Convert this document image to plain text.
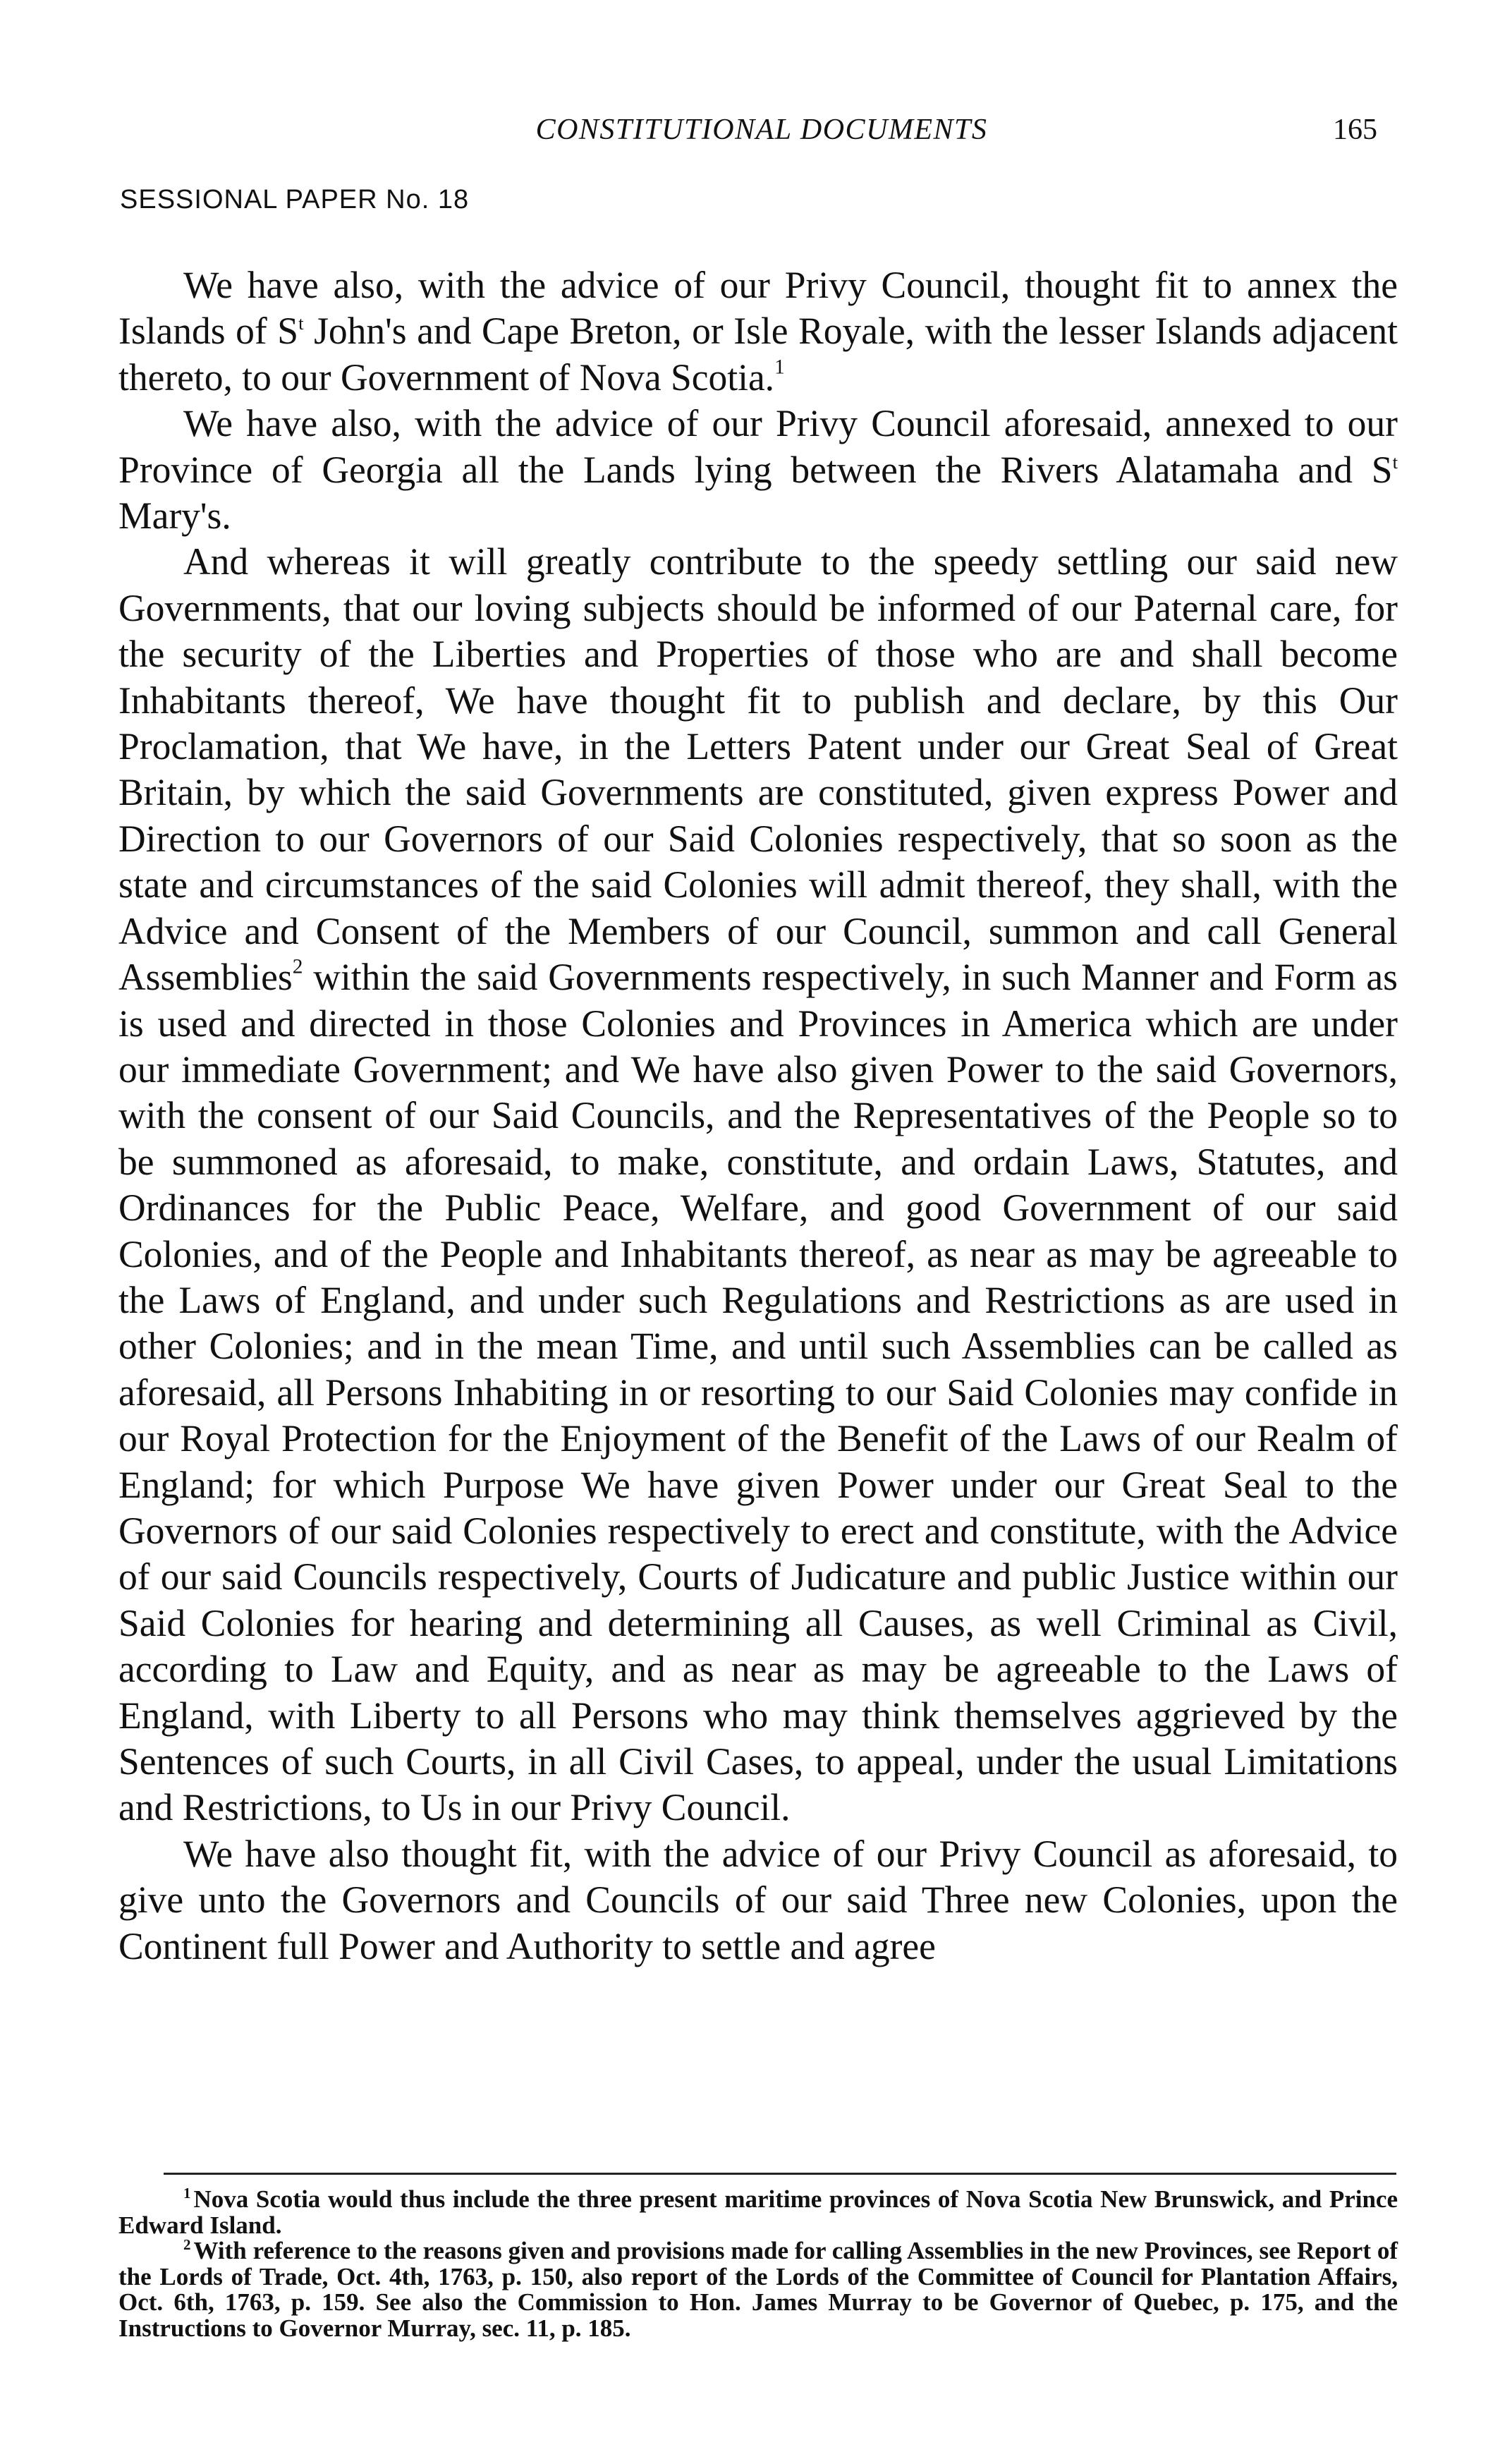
CONSTITUTIONAL DOCUMENTS	165
SESSIONAL PAPER No. 18

We have also, with the advice of our Privy Council, thought fit to annex the Islands of $S^t$ John's and Cape Breton, or Isle Royale, with the lesser Islands adjacent thereto, to our Government of Nova Scotia.$^1$

We have also, with the advice of our Privy Council aforesaid, annexed to our Province of Georgia all the Lands lying between the Rivers Alatamaha and $S^t$ Mary's.

And whereas it will greatly contribute to the speedy settling our said new Governments, that our loving subjects should be informed of our Paternal care, for the security of the Liberties and Properties of those who are and shall become Inhabitants thereof, We have thought fit to publish and declare, by this Our Proclamation, that We have, in the Letters Patent under our Great Seal of Great Britain, by which the said Governments are constituted, given express Power and Direction to our Governors of our Said Colonies respectively, that so soon as the state and circumstances of the said Colonies will admit thereof, they shall, with the Advice and Consent of the Members of our Council, summon and call General Assemblies$^2$ within the said Governments respectively, in such Manner and Form as is used and directed in those Colonies and Provinces in America which are under our immediate Government; and We have also given Power to the said Governors, with the consent of our Said Councils, and the Representatives of the People so to be summoned as aforesaid, to make, constitute, and ordain Laws, Statutes, and Ordinances for the Public Peace, Welfare, and good Government of our said Colonies, and of the People and Inhabitants thereof, as near as may be agreeable to the Laws of England, and under such Regulations and Restrictions as are used in other Colonies; and in the mean Time, and until such Assemblies can be called as aforesaid, all Persons Inhabiting in or resorting to our Said Colonies may confide in our Royal Protection for the Enjoyment of the Benefit of the Laws of our Realm of England; for which Purpose We have given Power under our Great Seal to the Governors of our said Colonies respectively to erect and constitute, with the Advice of our said Councils respectively, Courts of Judicature and public Justice within our Said Colonies for hearing and determining all Causes, as well Criminal as Civil, according to Law and Equity, and as near as may be agreeable to the Laws of England, with Liberty to all Persons who may think themselves aggrieved by the Sentences of such Courts, in all Civil Cases, to appeal, under the usual Limitations and Restrictions, to Us in our Privy Council.

We have also thought fit, with the advice of our Privy Council as aforesaid, to give unto the Governors and Councils of our said Three new Colonies, upon the Continent full Power and Authority to settle and agree

$^1$ Nova Scotia would thus include the three present maritime provinces of Nova Scotia New Brunswick, and Prince Edward Island.

$^2$ With reference to the reasons given and provisions made for calling Assemblies in the new Provinces, see Report of the Lords of Trade, Oct. 4th, 1763, p. 150, also report of the Lords of the Committee of Council for Plantation Affairs, Oct. 6th, 1763, p. 159. See also the Commission to Hon. James Murray to be Governor of Quebec, p. 175, and the Instructions to Governor Murray, sec. 11, p. 185.
